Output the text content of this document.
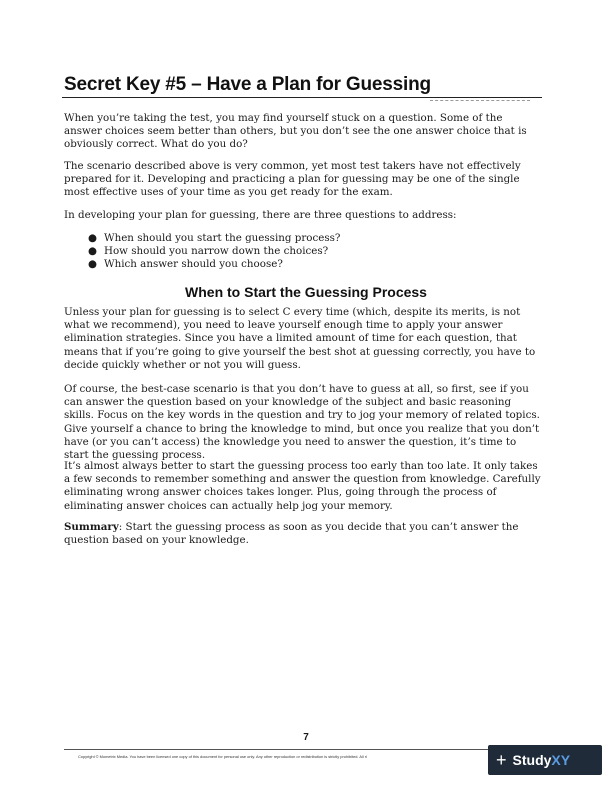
Secret Key #5 – Have a Plan for Guessing

When you’re taking the test, you may find yourself stuck on a question. Some of the answer choices seem better than others, but you don’t see the one answer choice that is obviously correct. What do you do?

The scenario described above is very common, yet most test takers have not effectively prepared for it. Developing and practicing a plan for guessing may be one of the single most effective uses of your time as you get ready for the exam.

In developing your plan for guessing, there are three questions to address:

● When should you start the guessing process?
● How should you narrow down the choices?
● Which answer should you choose?
When to Start the Guessing Process

Unless your plan for guessing is to select C every time (which, despite its merits, is not what we recommend), you need to leave yourself enough time to apply your answer elimination strategies. Since you have a limited amount of time for each question, that means that if you’re going to give yourself the best shot at guessing correctly, you have to decide quickly whether or not you will guess.

Of course, the best-case scenario is that you don’t have to guess at all, so first, see if you can answer the question based on your knowledge of the subject and basic reasoning skills. Focus on the key words in the question and try to jog your memory of related topics. Give yourself a chance to bring the knowledge to mind, but once you realize that you don’t have (or you can’t access) the knowledge you need to answer the question, it’s time to start the guessing process.

It’s almost always better to start the guessing process too early than too late. It only takes a few seconds to remember something and answer the question from knowledge. Carefully eliminating wrong answer choices takes longer. Plus, going through the process of eliminating answer choices can actually help jog your memory.

Summary: Start the guessing process as soon as you decide that you can’t answer the question based on your knowledge.

7

Copyright © Mometrix Media. You have been licensed one copy of this document for personal use only. Any other reproduction or redistribution is strictly prohibited. All ri	+ StudyXY
